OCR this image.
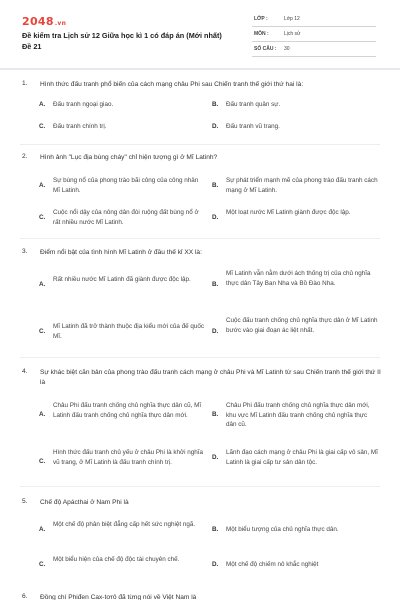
2048.vn
Đề kiểm tra Lịch sử 12 Giữa học kì 1 có đáp án (Mới nhất)
Đề 21
LỚP :	Lớp 12
MÔN :	Lịch sử
SỐ CÂU : 30
1. Hình thức đấu tranh phổ biến của cách mạng châu Phi sau Chiến tranh thế giới thứ hai là:
A. Đấu tranh ngoại giao.	B. Đấu tranh quân sự.
C. Đấu tranh chính trị.	D. Đấu tranh vũ trang.
2. Hình ảnh "Lục địa bùng cháy" chỉ hiện tượng gì ở Mĩ Latinh?
A.
Sự bùng nổ của phong trào bãi công của công nhân Mĩ Latinh.
B.
Sự phát triển mạnh mẽ của phong trào đấu tranh cách mạng ở Mĩ Latinh.
C.
Cuộc nổi dậy của nông dân đòi ruộng đất bùng nổ ở rất nhiều nước Mĩ Latinh.
D.
Một loạt nước Mĩ Latinh giành được độc lập.
3. Điểm nổi bật của tình hình Mĩ Latinh ở đầu thế kỉ XX là:
A.
Rất nhiều nước Mĩ Latinh đã giành được độc lập.
B.
Mĩ Latinh vẫn nằm dưới ách thống trị của chủ nghĩa thực dân Tây Ban Nha và Bồ Đào Nha.
C.
Mĩ Latinh đã trở thành thuộc địa kiểu mới của đế quốc Mĩ.
D.
Cuộc đấu tranh chống chủ nghĩa thực dân ở Mĩ Latinh bước vào giai đoạn ác liệt nhất.
4. Sự khác biệt căn bản của phong trào đấu tranh cách mạng ở châu Phi và Mĩ Latinh từ sau Chiến tranh thế giới thứ II là
A.
Châu Phi đấu tranh chống chủ nghĩa thực dân cũ, Mĩ Latinh đấu tranh chống chủ nghĩa thực dân mới.	B.
Châu Phi đấu tranh chống chủ nghĩa thực dân mới, khu vực Mĩ Latinh đấu tranh chống chủ nghĩa thực dân cũ.
C.
Hình thức đấu tranh chủ yếu ở châu Phi là khởi nghĩa vũ trang, ở Mĩ Latinh là đấu tranh chính trị.
D.
Lãnh đạo cách mạng ở châu Phi là giai cấp vô sản, Mĩ Latinh là giai cấp tư sản dân tộc.
5. Chế độ Apácthai ở Nam Phi là
A.
Một chế độ phân biệt đẳng cấp hết sức nghiệt ngã.
B. Một biểu tượng của chủ nghĩa thực dân.
C.
Một biểu hiện của chế độ độc tài chuyên chế.
D. Một chế độ chiếm nô khắc nghiệt
6. Đồng chí Phiđen Cax-tơrô đã từng nói về Việt Nam là
